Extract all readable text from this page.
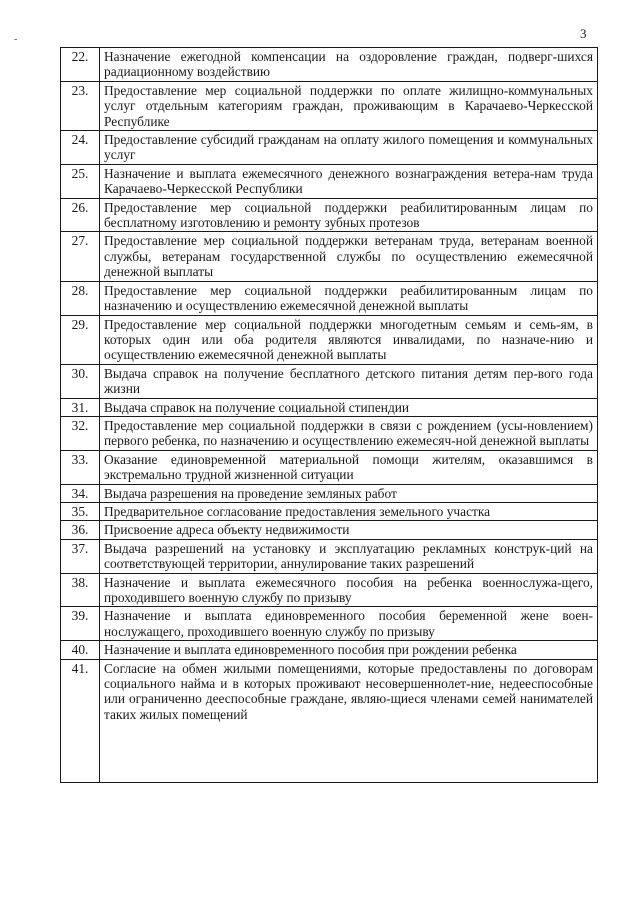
-	3
22.	Назначение ежегодной компенсации на оздоровление граждан, подверг-шихся радиационному воздействию
23.	Предоставление мер социальной поддержки по оплате жилищно-коммунальных услуг отдельным категориям граждан, проживающим в Карачаево-Черкесской Республике
24.	Предоставление субсидий гражданам на оплату жилого помещения и коммунальных услуг
25.	Назначение и выплата ежемесячного денежного вознаграждения ветера-нам труда Карачаево-Черкесской Республики
26.	Предоставление мер социальной поддержки реабилитированным лицам по бесплатному изготовлению и ремонту зубных протезов
27.	Предоставление мер социальной поддержки ветеранам труда, ветеранам военной службы, ветеранам государственной службы по осуществлению ежемесячной денежной выплаты
28.	Предоставление мер социальной поддержки реабилитированным лицам по назначению и осуществлению ежемесячной денежной выплаты
29.	Предоставление мер социальной поддержки многодетным семьям и семь-ям, в которых один или оба родителя являются инвалидами, по назначе-нию и осуществлению ежемесячной денежной выплаты
30.	Выдача справок на получение бесплатного детского питания детям пер-вого года жизни
31.	Выдача справок на получение социальной стипендии
32.	Предоставление мер социальной поддержки в связи с рождением (усы-новлением) первого ребенка, по назначению и осуществлению ежемесяч-ной денежной выплаты
33.	Оказание единовременной материальной помощи жителям, оказавшимся в экстремально трудной жизненной ситуации
34.	Выдача разрешения на проведение земляных работ
35.	Предварительное согласование предоставления земельного участка
36.	Присвоение адреса объекту недвижимости
37.	Выдача разрешений на установку и эксплуатацию рекламных конструк-ций на соответствующей территории, аннулирование таких разрешений
38.	Назначение и выплата ежемесячного пособия на ребенка военнослужа-щего, проходившего военную службу по призыву
39.	Назначение и выплата единовременного пособия беременной жене воен-нослужащего, проходившего военную службу по призыву
40.	Назначение и выплата единовременного пособия при рождении ребенка
41.	Согласие на обмен жилыми помещениями, которые предоставлены по договорам социального найма и в которых проживают несовершеннолет-ние, недееспособные или ограниченно дееспособные граждане, являю-щиеся членами семей нанимателей таких жилых помещений
